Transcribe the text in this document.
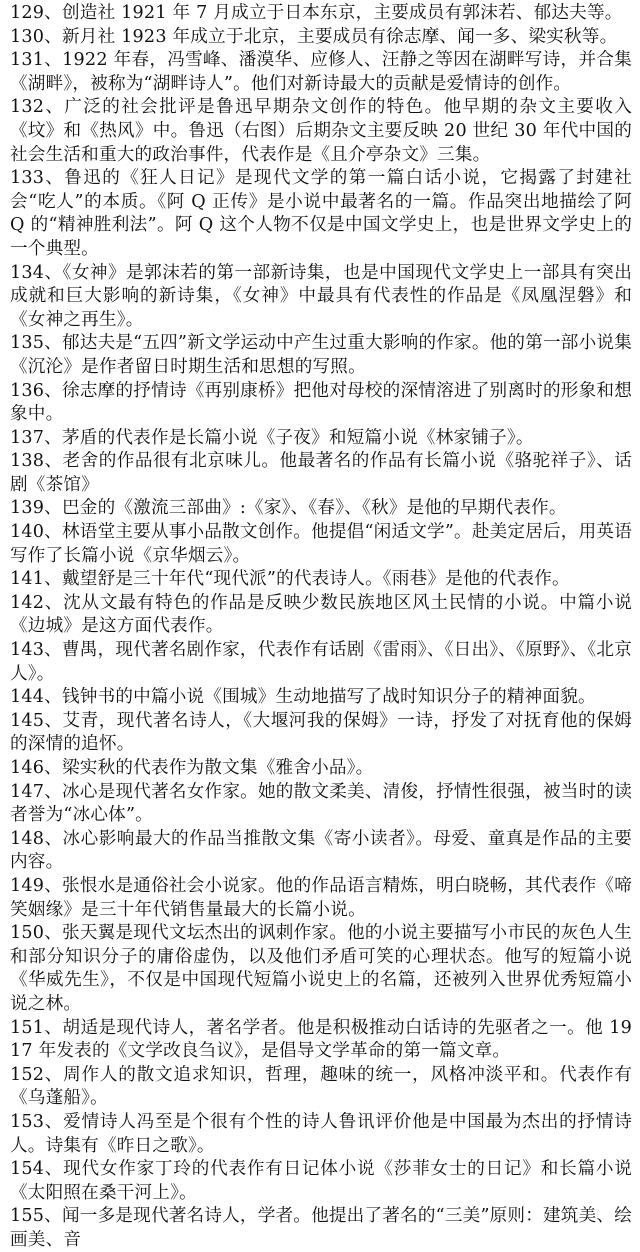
129、创造社 1921 年 7 月成立于日本东京，主要成员有郭沫若、郁达夫等。

130、新月社 1923 年成立于北京，主要成员有徐志摩、闻一多、梁实秋等。

131、1922 年春，冯雪峰、潘漠华、应修人、汪静之等因在湖畔写诗，并合集《湖畔》，被称为“湖畔诗人”。他们对新诗最大的贡献是爱情诗的创作。

132、广泛的社会批评是鲁迅早期杂文创作的特色。他早期的杂文主要收入《坟》和《热风》中。鲁迅（右图）后期杂文主要反映 20 世纪 30 年代中国的社会生活和重大的政治事件，代表作是《且介亭杂文》三集。

133、鲁迅的《狂人日记》是现代文学的第一篇白话小说，它揭露了封建社会“吃人”的本质。《阿 Q 正传》是小说中最著名的一篇。作品突出地描绘了阿 Q 的“精神胜利法”。阿 Q 这个人物不仅是中国文学史上，也是世界文学史上的一个典型。

134、《女神》是郭沫若的第一部新诗集，也是中国现代文学史上一部具有突出成就和巨大影响的新诗集，《女神》中最具有代表性的作品是《凤凰涅磐》和《女神之再生》。

135、郁达夫是“五四”新文学运动中产生过重大影响的作家。他的第一部小说集《沉沦》是作者留日时期生活和思想的写照。

136、徐志摩的抒情诗《再别康桥》把他对母校的深情溶进了别离时的形象和想象中。

137、茅盾的代表作是长篇小说《子夜》和短篇小说《林家铺子》。

138、老舍的作品很有北京味儿。他最著名的作品有长篇小说《骆驼祥子》、话剧《茶馆》

139、巴金的《激流三部曲》:《家》、《春》、《秋》是他的早期代表作。

140、林语堂主要从事小品散文创作。他提倡“闲适文学”。赴美定居后，用英语写作了长篇小说《京华烟云》。

141、戴望舒是三十年代“现代派”的代表诗人。《雨巷》是他的代表作。

142、沈从文最有特色的作品是反映少数民族地区风土民情的小说。中篇小说《边城》是这方面代表作。

143、曹禺，现代著名剧作家，代表作有话剧《雷雨》、《日出》、《原野》、《北京人》。

144、钱钟书的中篇小说《围城》生动地描写了战时知识分子的精神面貌。

145、艾青，现代著名诗人，《大堰河我的保姆》一诗，抒发了对抚育他的保姆的深情的追怀。

146、梁实秋的代表作为散文集《雅舍小品》。

147、冰心是现代著名女作家。她的散文柔美、清俊，抒情性很强，被当时的读者誉为“冰心体”。

148、冰心影响最大的作品当推散文集《寄小读者》。母爱、童真是作品的主要内容。

149、张恨水是通俗社会小说家。他的作品语言精炼，明白晓畅，其代表作《啼笑姻缘》是三十年代销售量最大的长篇小说。

150、张天翼是现代文坛杰出的讽刺作家。他的小说主要描写小市民的灰色人生和部分知识分子的庸俗虚伪，以及他们矛盾可笑的心理状态。他写的短篇小说《华威先生》，不仅是中国现代短篇小说史上的名篇，还被列入世界优秀短篇小说之林。

151、胡适是现代诗人，著名学者。他是积极推动白话诗的先驱者之一。他 1917 年发表的《文学改良刍议》，是倡导文学革命的第一篇文章。

152、周作人的散文追求知识，哲理，趣味的统一，风格冲淡平和。代表作有《乌蓬船》。

153、爱情诗人冯至是个很有个性的诗人鲁讯评价他是中国最为杰出的抒情诗人。诗集有《昨日之歌》。

154、现代女作家丁玲的代表作有日记体小说《莎菲女士的日记》和长篇小说《太阳照在桑干河上》。

155、闻一多是现代著名诗人，学者。他提出了著名的“三美”原则：建筑美、绘画美、音
